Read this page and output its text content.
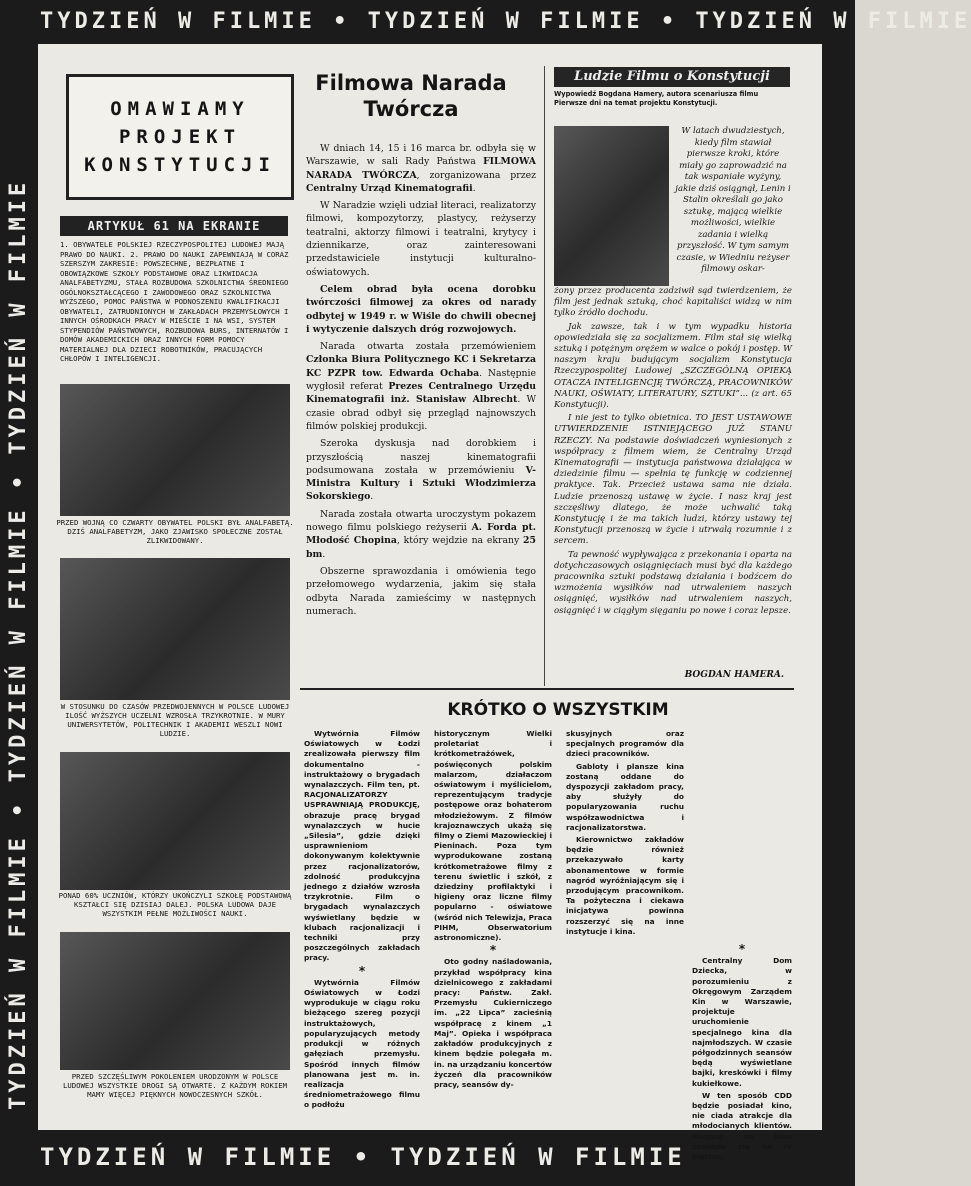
TYDZIEŃ W FILMIE • TYDZIEŃ W FILMIE • TYDZIEŃ W FILMIE
TYDZIEŃ W FILMIE • TYDZIEŃ W FILMIE • TYDZIEŃ W FILMIE
TYDZIEŃ W FILMIE • TYDZIEŃ W FILMIE
OMAWIAMY
PROJEKT
KONSTYTUCJI
ARTYKUŁ 61 NA EKRANIE
1. OBYWATELE POLSKIEJ RZECZYPOSPOLITEJ LUDOWEJ MAJĄ PRAWO DO NAUKI. 2. PRAWO DO NAUKI ZAPEWNIAJĄ W CORAZ SZERSZYM ZAKRESIE: POWSZECHNE, BEZPŁATNE I OBOWIĄZKOWE SZKOŁY PODSTAWOWE ORAZ LIKWIDACJA ANALFABETYZMU, STAŁA ROZBUDOWA SZKOLNICTWA ŚREDNIEGO OGÓLNOKSZTAŁCĄCEGO I ZAWODOWEGO ORAZ SZKOLNICTWA WYŻSZEGO, POMOC PAŃSTWA W PODNOSZENIU KWALIFIKACJI OBYWATELI, ZATRUDNIONYCH W ZAKŁADACH PRZEMYSŁOWYCH I INNYCH OŚRODKACH PRACY W MIEŚCIE I NA WSI, SYSTEM STYPENDIÓW PAŃSTWOWYCH, ROZBUDOWA BURS, INTERNATÓW I DOMÓW AKADEMICKICH ORAZ INNYCH FORM POMOCY MATERIALNEJ DLA DZIECI ROBOTNIKÓW, PRACUJĄCYCH CHŁOPÓW I INTELIGENCJI.
PRZED WOJNĄ CO CZWARTY OBYWATEL POLSKI BYŁ ANALFABETĄ. DZIŚ ANALFABETYZM, JAKO ZJAWISKO SPOŁECZNE ZOSTAŁ ZLIKWIDOWANY.
W STOSUNKU DO CZASÓW PRZEDWOJENNYCH W POLSCE LUDOWEJ ILOŚĆ WYŻSZYCH UCZELNI WZROSŁA TRZYKROTNIE. W MURY UNIWERSYTETÓW, POLITECHNIK I AKADEMII WESZLI NOWI LUDZIE.
PONAD 60% UCZNIÓW, KTÓRZY UKOŃCZYLI SZKOŁĘ PODSTAWOWĄ KSZTAŁCI SIĘ DZISIAJ DALEJ. POLSKA LUDOWA DAJE WSZYSTKIM PEŁNE MOŻLIWOŚCI NAUKI.
PRZED SZCZĘŚLIWYM POKOLENIEM URODZONYM W POLSCE LUDOWEJ WSZYSTKIE DROGI SĄ OTWARTE. Z KAŻDYM ROKIEM MAMY WIĘCEJ PIĘKNYCH NOWOCZESNYCH SZKÓŁ.
Filmowa Narada Twórcza

W dniach 14, 15 i 16 marca br. odbyła się w Warszawie, w sali Rady Państwa FILMOWA NARADA TWÓRCZA, zorganizowana przez Centralny Urząd Kinematografii.

W Naradzie wzięli udział literaci, realizatorzy filmowi, kompozytorzy, plastycy, reżyserzy teatralni, aktorzy filmowi i teatralni, krytycy i dziennikarze, oraz zainteresowani przedstawiciele instytucji kulturalno-oświatowych.

Celem obrad była ocena dorobku twórczości filmowej za okres od narady odbytej w 1949 r. w Wiśle do chwili obecnej i wytyczenie dalszych dróg rozwojowych.

Narada otwarta została przemówieniem Członka Biura Politycznego KC i Sekretarza KC PZPR tow. Edwarda Ochaba. Następnie wygłosił referat Prezes Centralnego Urzędu Kinematografii inż. Stanisław Albrecht. W czasie obrad odbył się przegląd najnowszych filmów polskiej produkcji.

Szeroka dyskusja nad dorobkiem i przyszłością naszej kinematografii podsumowana została w przemówieniu V-Ministra Kultury i Sztuki Włodzimierza Sokorskiego.

Narada została otwarta uroczystym pokazem nowego filmu polskiego reżyserii A. Forda pt. Młodość Chopina, który wejdzie na ekrany 25 bm.

Obszerne sprawozdania i omówienia tego przełomowego wydarzenia, jakim się stała odbyta Narada zamieścimy w następnych numerach.

Ludzie Filmu o Konstytucji
Wypowiedź Bogdana Hamery, autora scenariusza filmu Pierwsze dni na temat projektu Konstytucji.
W latach dwudziestych, kiedy film stawiał pierwsze kroki, które miały go zaprowadzić na tak wspaniałe wyżyny, jakie dziś osiągnął, Lenin i Stalin określali go jako sztukę, mającą wielkie możliwości, wielkie zadania i wielką przyszłość. W tym samym czasie, w Wiedniu reżyser filmowy oskar-

żony przez producenta zadziwił sąd twierdzeniem, że film jest jednak sztuką, choć kapitaliści widzą w nim tylko źródło dochodu.

Jak zawsze, tak i w tym wypadku historia opowiedziała się za socjalizmem. Film stał się wielką sztuką i potężnym orężem w walce o pokój i postęp. W naszym kraju budującym socjalizm Konstytucja Rzeczypospolitej Ludowej „SZCZEGÓLNĄ OPIEKĄ OTACZA INTELIGENCJĘ TWÓRCZĄ, PRACOWNIKÓW NAUKI, OŚWIATY, LITERATURY, SZTUKI”... (z art. 65 Konstytucji).

I nie jest to tylko obietnica. TO JEST USTAWOWE UTWIERDZENIE ISTNIEJĄCEGO JUŻ STANU RZECZY. Na podstawie doświadczeń wyniesionych z współpracy z filmem wiem, że Centralny Urząd Kinematografii — instytucja państwowa działająca w dziedzinie filmu — spełnia tę funkcję w codziennej praktyce. Tak. Przecież ustawa sama nie działa. Ludzie przenoszą ustawę w życie. I nasz kraj jest szczęśliwy dlatego, że może uchwalić taką Konstytucję i że ma takich ludzi, którzy ustawy tej Konstytucji przenoszą w życie i utrwalą rozumnie i z sercem.

Ta pewność wypływająca z przekonania i oparta na dotychczasowych osiągnięciach musi być dla każdego pracownika sztuki podstawą działania i bodźcem do wzmożenia wysiłków nad utrwaleniem naszych osiągnięć, wysiłków nad utrwaleniem naszych, osiągnięć i w ciągłym sięganiu po nowe i coraz lepsze.

BOGDAN HAMERA.
KRÓTKO O WSZYSTKIM

Wytwórnia Filmów Oświatowych w Łodzi zrealizowała pierwszy film dokumentalno - instruktażowy o brygadach wynalazczych. Film ten, pt. RACJONALIZATORZY USPRAWNIAJĄ PRODUKCJĘ, obrazuje pracę brygad wynalazczych w hucie „Silesia”, gdzie dzięki usprawnieniom dokonywanym kolektywnie przez racjonalizatorów, zdolność produkcyjna jednego z działów wzrosła trzykrotnie. Film o brygadach wynalazczych wyświetlany będzie w klubach racjonalizacji i techniki przy poszczególnych zakładach pracy.

*

Wytwórnia Filmów Oświatowych w Łodzi wyprodukuje w ciągu roku bieżącego szereg pozycji instruktażowych, popularyzujących metody produkcji w różnych gałęziach przemysłu. Spośród innych filmów planowana jest m. in. realizacja średniometrażowego filmu o podłożu

historycznym Wielki proletariat i krótkometrażówek, poświęconych polskim malarzom, działaczom oświatowym i myślicielom, reprezentującym tradycje postępowe oraz bohaterom młodzieżowym. Z filmów krajoznawczych ukażą się filmy o Ziemi Mazowieckiej i Pieninach. Poza tym wyprodukowane zostaną krótkometrażowe filmy z terenu świetlic i szkół, z dziedziny profilaktyki i higieny oraz liczne filmy popularno - oświatowe (wśród nich Telewizja, Praca PIHM, Obserwatorium astronomiczne).

*

Oto godny naśladowania, przykład współpracy kina dzielnicowego z zakładami pracy: Państw. Zakł. Przemysłu Cukierniczego im. „22 Lipca” zacieśnią współpracę z kinem „1 Maj”. Opieka i współpraca zakładów produkcyjnych z kinem będzie polegała m. in. na urządzaniu koncertów życzeń dla pracowników pracy, seansów dy-

skusyjnych oraz specjalnych programów dla dzieci pracowników.

Gabloty i plansze kina zostaną oddane do dyspozycji zakładom pracy, aby służyły do popularyzowania ruchu współzawodnictwa i racjonalizatorstwa.

Kierownictwo zakładów będzie również przekazywało karty abonamentowe w formie nagród wyróżniającym się i przodującym pracownikom. Ta pożyteczna i ciekawa inicjatywa powinna rozszerzyć się na inne instytucje i kina.

*

Centralny Dom Dziecka, w porozumieniu z Okręgowym Zarządem Kin w Warszawie, projektuje uruchomienie specjalnego kina dla najmłodszych. W czasie półgodzinnych seansów będą wyświetlane bajki, kreskówki i filmy kukiełkowe.

W ten sposób CDD będzie posiadał kino, nie ciada atrakcje dla młodocianych klientów. Miejsce na kino znajdzie się na IV piętrze.
